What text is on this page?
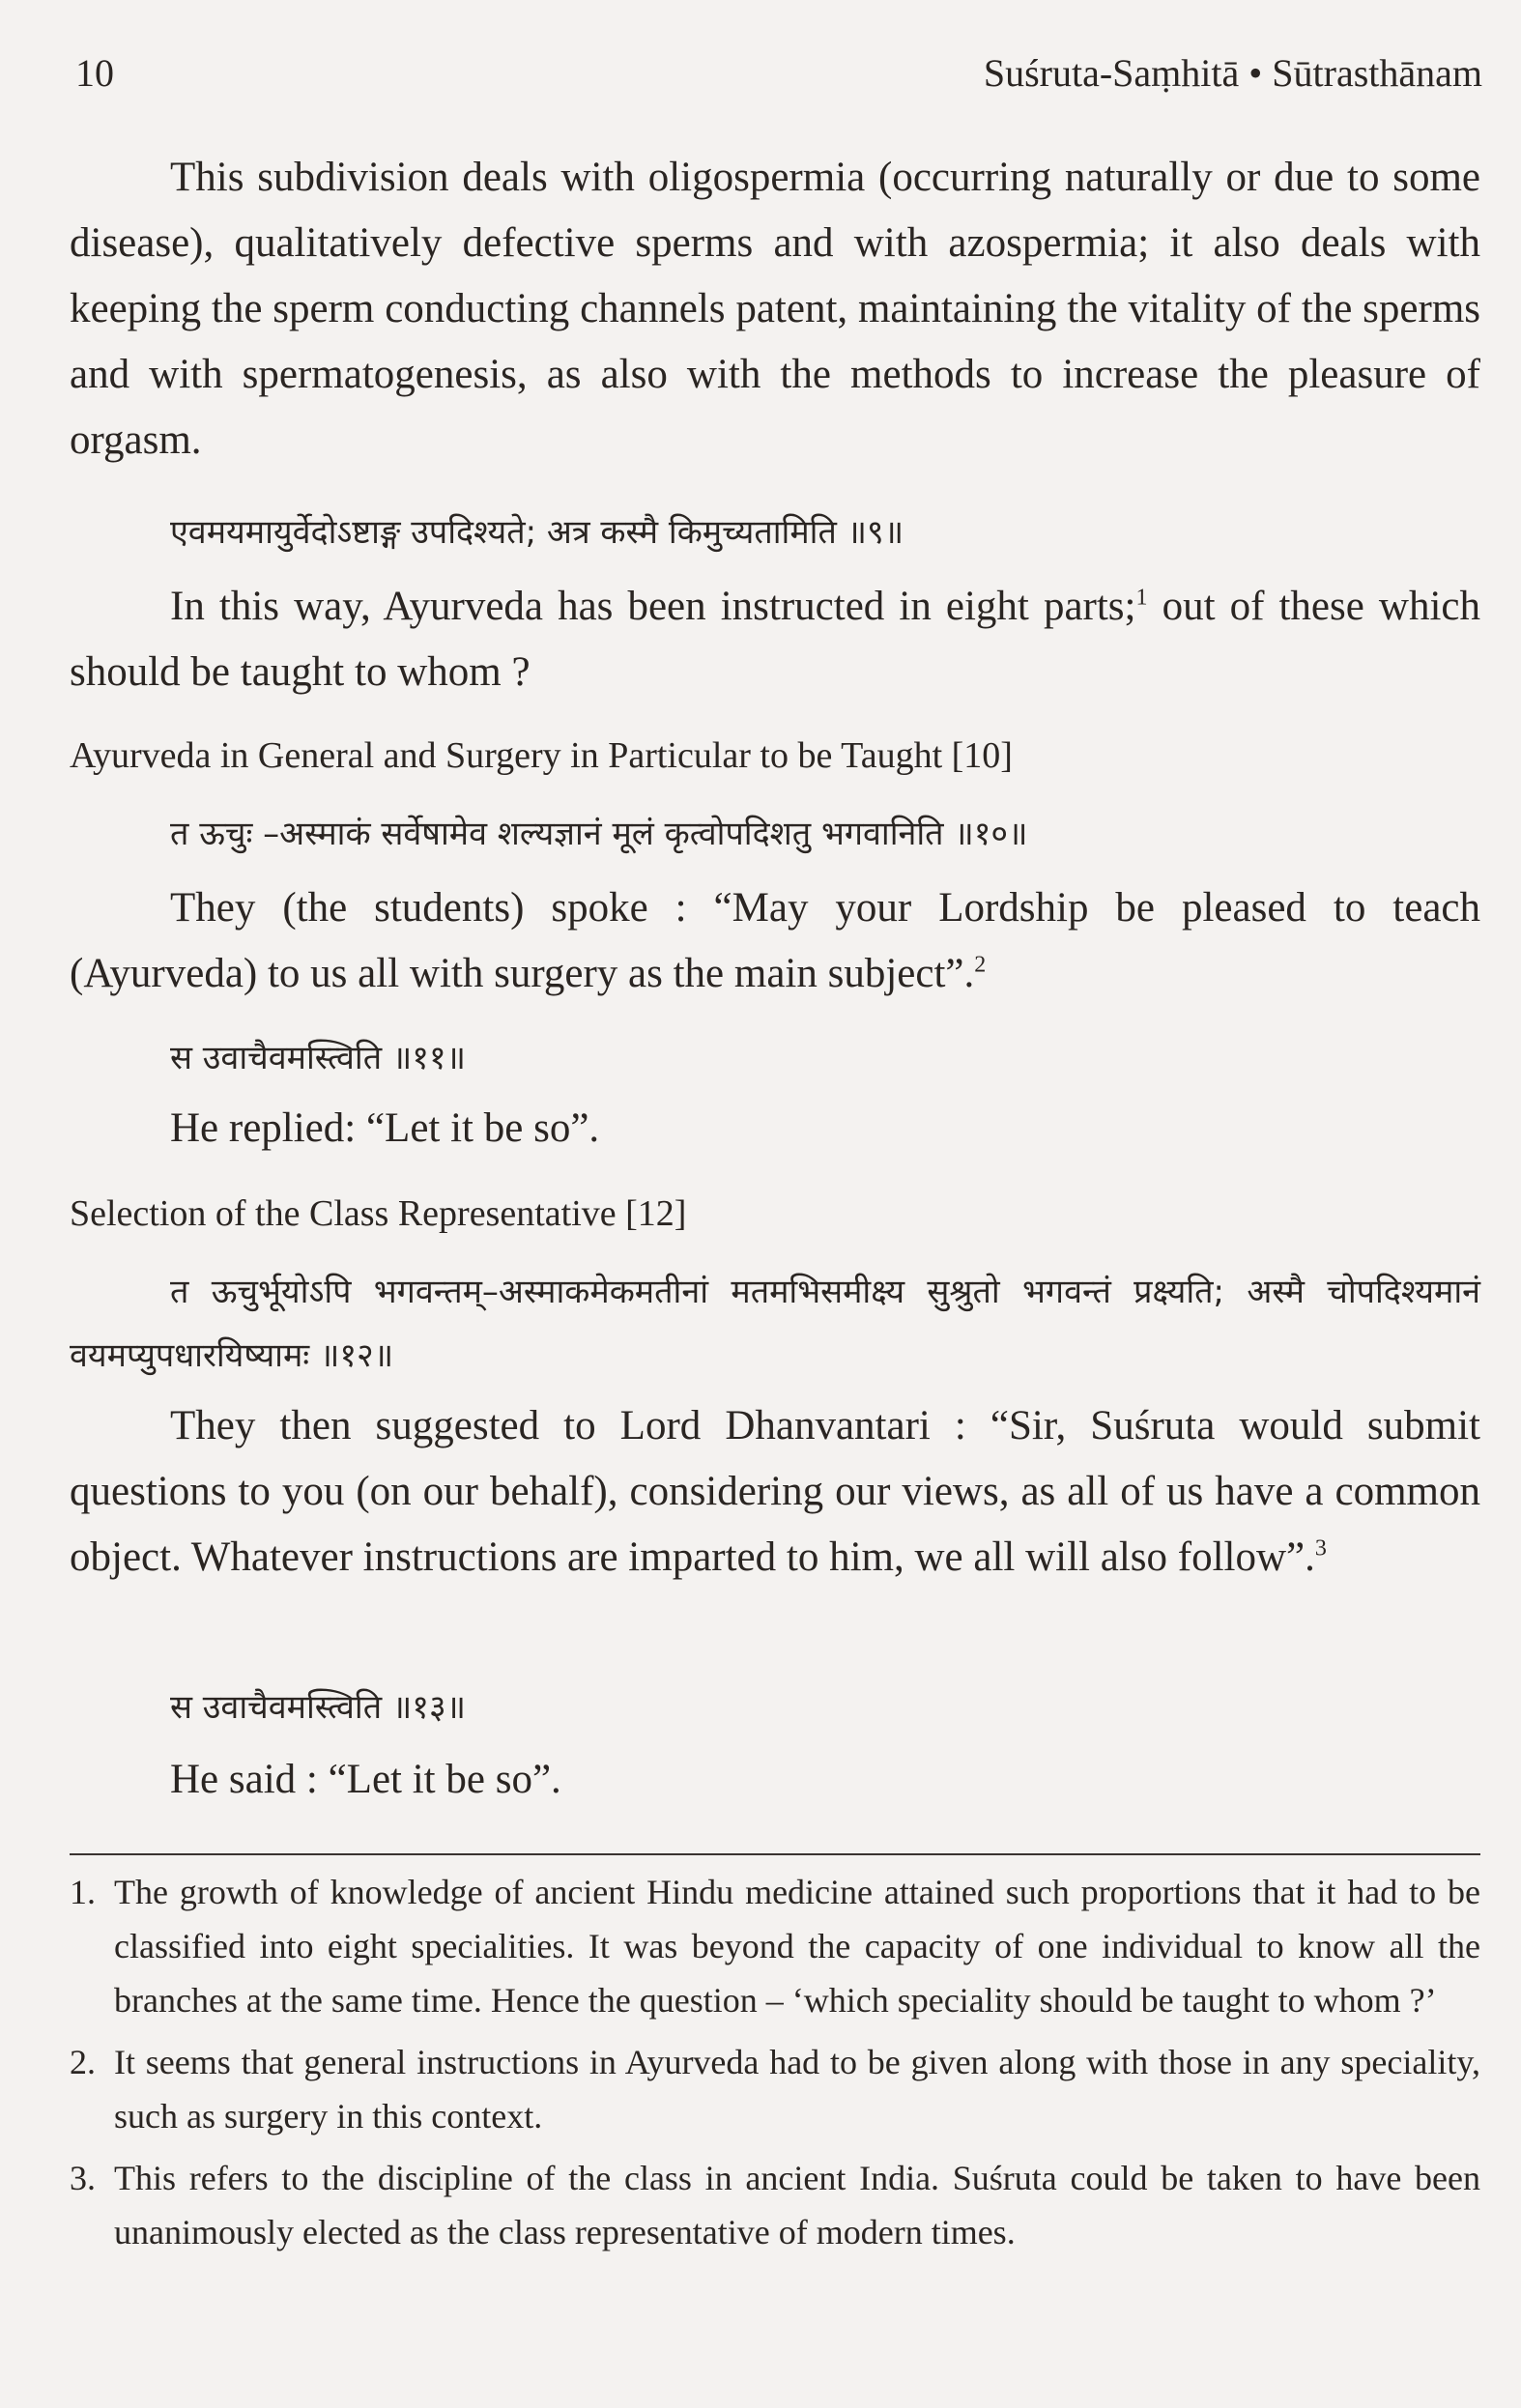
10	Suśruta-Saṃhitā • Sūtrasthānam

This subdivision deals with oligospermia (occurring naturally or due to some disease), qualitatively defective sperms and with azospermia; it also deals with keeping the sperm conducting channels patent, maintaining the vitality of the sperms and with spermatogenesis, as also with the methods to increase the pleasure of orgasm.

एवमयमायुर्वेदोऽष्टाङ्ग उपदिश्यते; अत्र कस्मै किमुच्यतामिति ॥९॥

In this way, Ayurveda has been instructed in eight parts;$^1$ out of these which should be taught to whom ?

Ayurveda in General and Surgery in Particular to be Taught [10]
त ऊचुः –अस्माकं सर्वेषामेव शल्यज्ञानं मूलं कृत्वोपदिशतु भगवानिति ॥१०॥

They (the students) spoke : “May your Lordship be pleased to teach (Ayurveda) to us all with surgery as the main subject”.$^2$

स उवाचैवमस्त्विति ॥११॥

He replied: “Let it be so”.

Selection of the Class Representative [12]
त ऊचुर्भूयोऽपि भगवन्तम्–अस्माकमेकमतीनां मतमभिसमीक्ष्य सुश्रुतो भगवन्तं प्रक्ष्यति; अस्मै चोपदिश्यमानं वयमप्युपधारयिष्यामः ॥१२॥

They then suggested to Lord Dhanvantari : “Sir, Suśruta would submit questions to you (on our behalf), considering our views, as all of us have a common object. Whatever instructions are imparted to him, we all will also follow”.$^3$

स उवाचैवमस्त्विति ॥१३॥

He said : “Let it be so”.

1. The growth of knowledge of ancient Hindu medicine attained such proportions that it had to be classified into eight specialities. It was beyond the capacity of one individual to know all the branches at the same time. Hence the question – ‘which speciality should be taught to whom ?’
2. It seems that general instructions in Ayurveda had to be given along with those in any speciality, such as surgery in this context.
3. This refers to the discipline of the class in ancient India. Suśruta could be taken to have been unanimously elected as the class representative of modern times.
